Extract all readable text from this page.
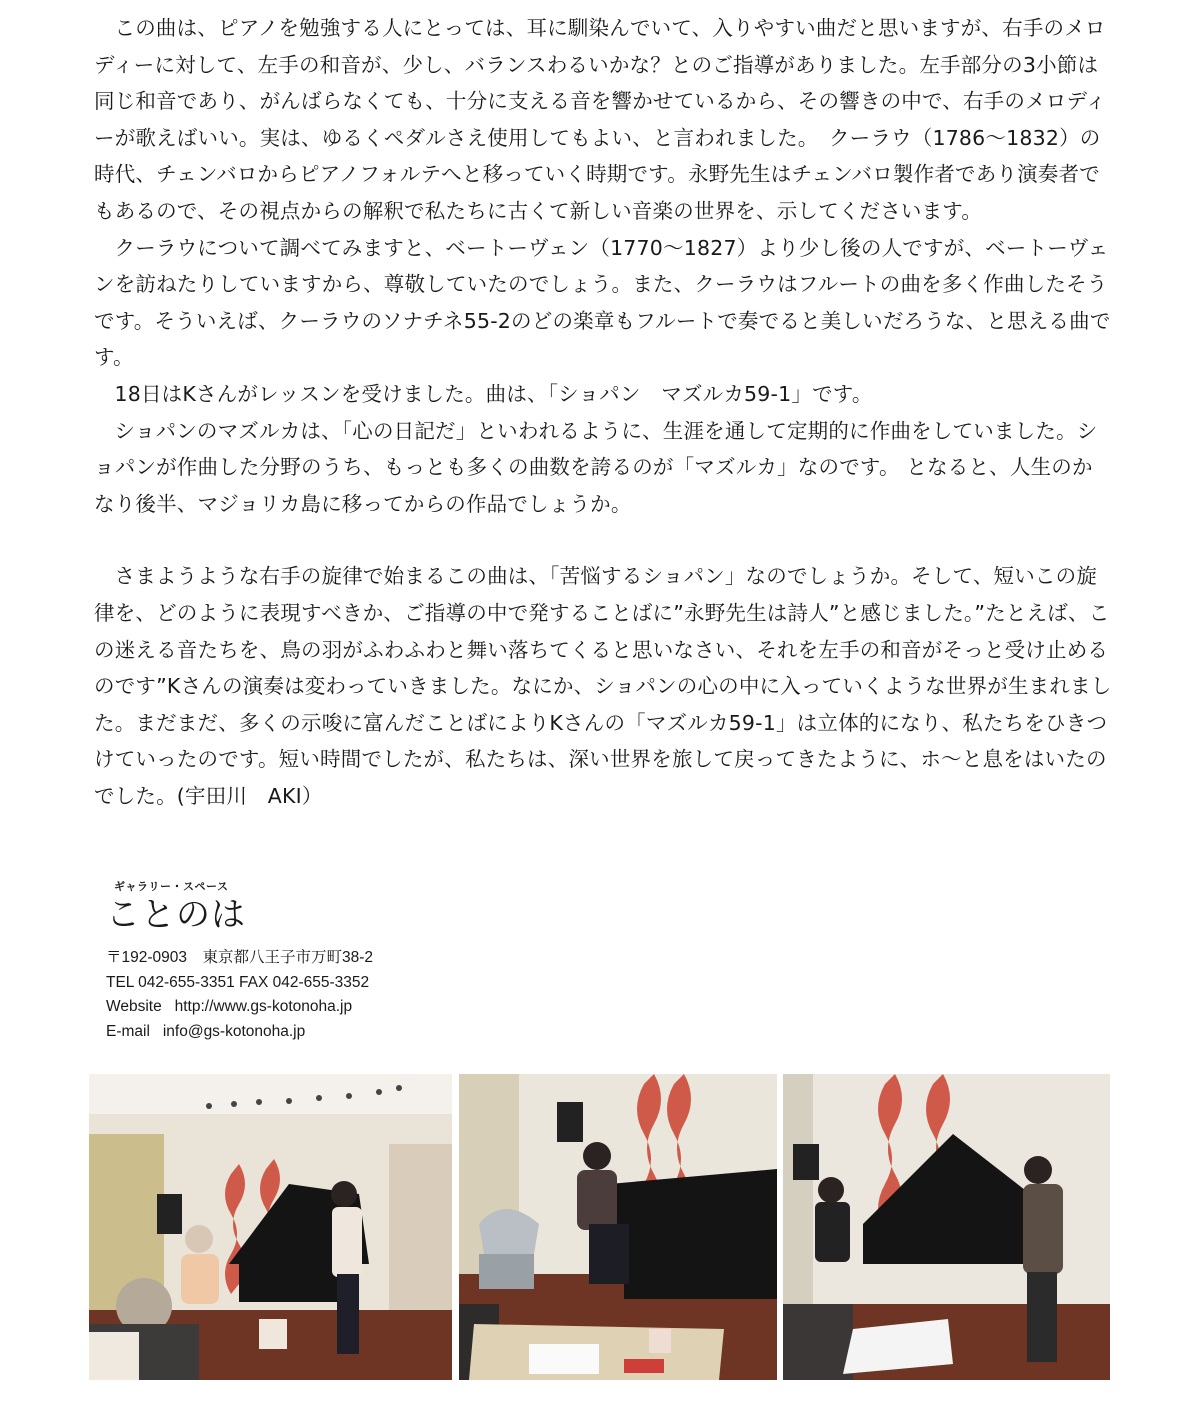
この曲は、ピアノを勉強する人にとっては、耳に馴染んでいて、入りやすい曲だと思いますが、右手のメロディーに対して、左手の和音が、少し、バランスわるいかな？とのご指導がありました。左手部分の3小節は同じ和音であり、がんばらなくても、十分に支える音を響かせているから、その響きの中で、右手のメロディーが歌えばいい。実は、ゆるくペダルさえ使用してもよい、と言われました。　クーラウ（1786〜1832）の時代、チェンバロからピアノフォルテへと移っていく時期です。永野先生はチェンバロ製作者であり演奏者でもあるので、その視点からの解釈で私たちに古くて新しい音楽の世界を、示してくださいます。

クーラウについて調べてみますと、ベートーヴェン（1770〜1827）より少し後の人ですが、ベートーヴェンを訪ねたりしていますから、尊敬していたのでしょう。また、クーラウはフルートの曲を多く作曲したそうです。そういえば、クーラウのソナチネ55-2のどの楽章もフルートで奏でると美しいだろうな、と思える曲です。

18日はKさんがレッスンを受けました。曲は、「ショパン　マズルカ59-1」です。

ショパンのマズルカは、「心の日記だ」といわれるように、生涯を通して定期的に作曲をしていました。ショパンが作曲した分野のうち、もっとも多くの曲数を誇るのが「マズルカ」なのです。 となると、人生のかなり後半、マジョリカ島に移ってからの作品でしょうか。

さまようような右手の旋律で始まるこの曲は、「苦悩するショパン」なのでしょうか。そして、短いこの旋律を、どのように表現すべきか、ご指導の中で発することばに”永野先生は詩人”と感じました。”たとえば、この迷える音たちを、鳥の羽がふわふわと舞い落ちてくると思いなさい、それを左手の和音がそっと受け止めるのです”Kさんの演奏は変わっていきました。なにか、ショパンの心の中に入っていくような世界が生まれました。まだまだ、多くの示唆に富んだことばによりKさんの「マズルカ59-1」は立体的になり、私たちをひきつけていったのです。短い時間でしたが、私たちは、深い世界を旅して戻ってきたように、ホ〜と息をはいたのでした。(宇田川　AKI）

ギャラリー・スペース
ことのは
〒192-0903　東京都八王子市万町38-2
TEL 042-655-3351 FAX 042-655-3352
Website   http://www.gs-kotonoha.jp
E-mail   info@gs-kotonoha.jp
